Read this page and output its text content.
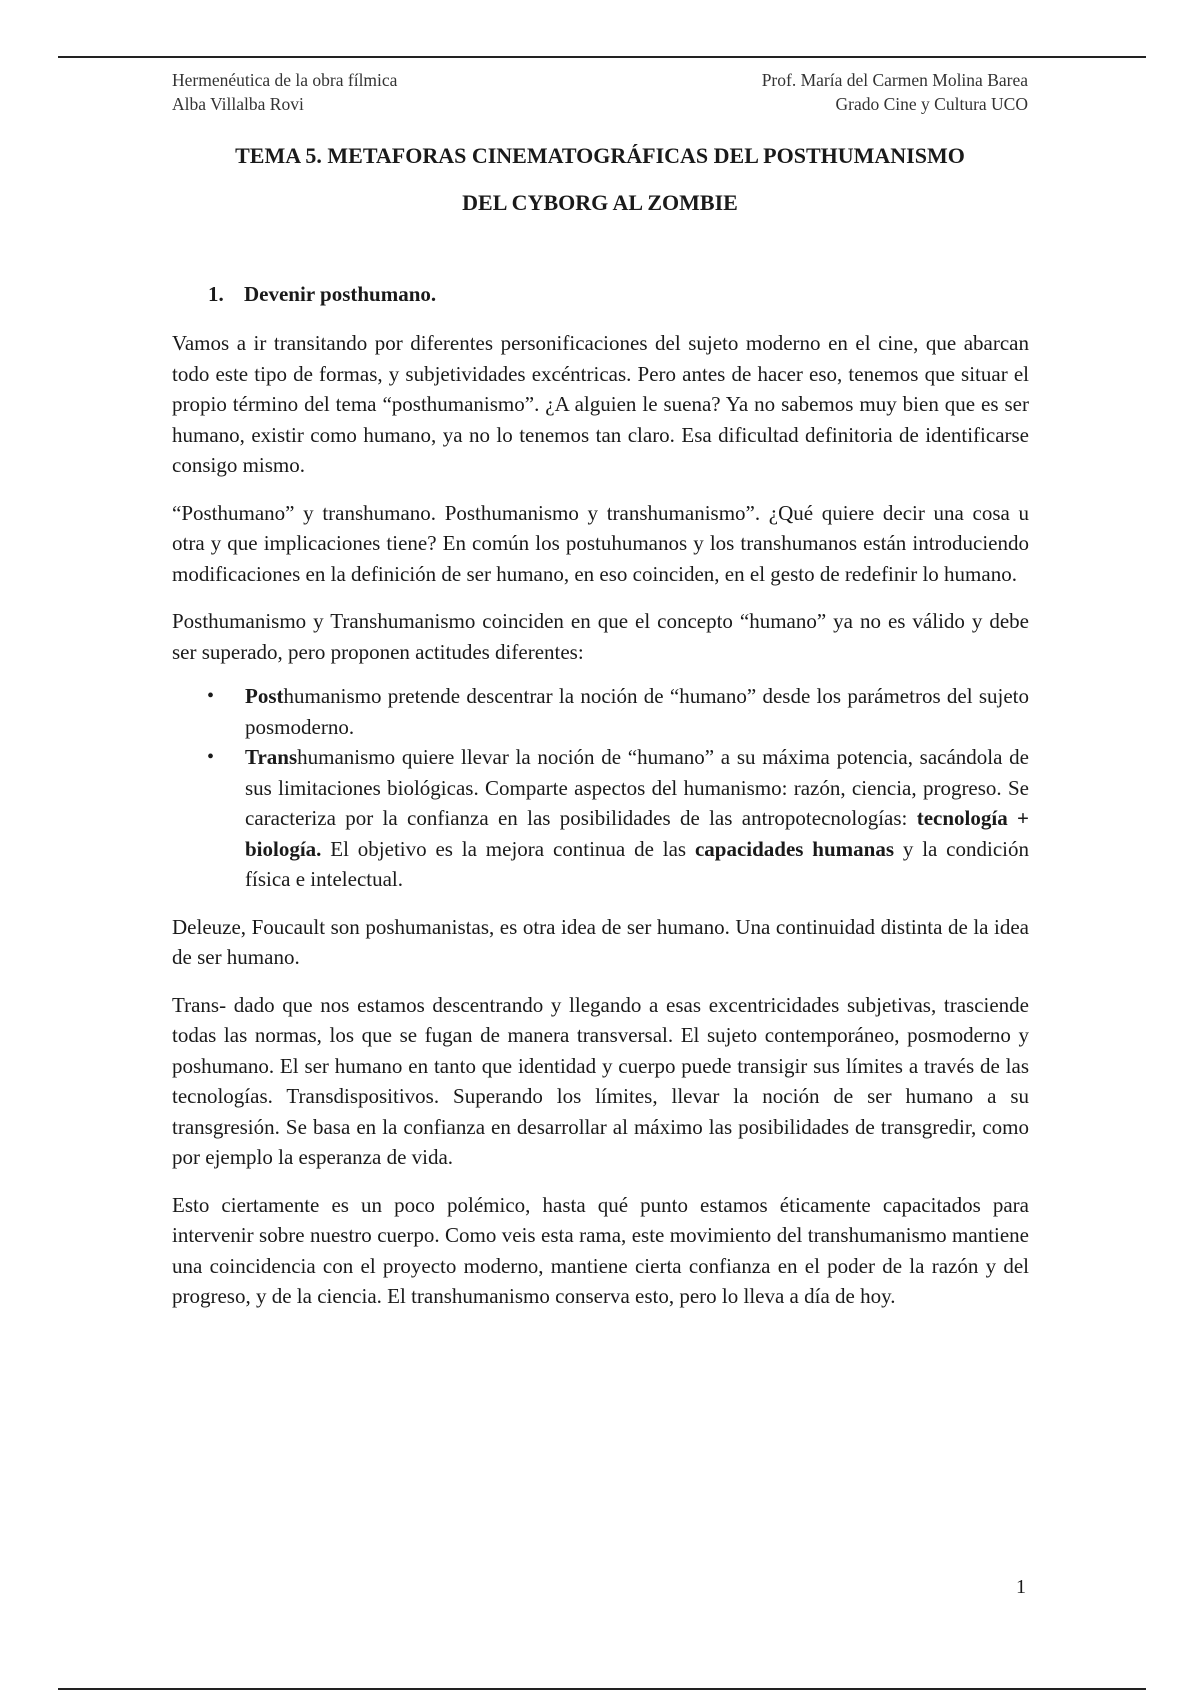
Hermenéutica de la obra fílmica	Prof. María del Carmen Molina Barea
Alba Villalba Rovi	Grado Cine y Cultura UCO
TEMA 5. METAFORAS CINEMATOGRÁFICAS DEL POSTHUMANISMO
DEL CYBORG AL ZOMBIE
1. Devenir posthumano.

Vamos a ir transitando por diferentes personificaciones del sujeto moderno en el cine, que abarcan todo este tipo de formas, y subjetividades excéntricas. Pero antes de hacer eso, tenemos que situar el propio término del tema “posthumanismo”. ¿A alguien le suena? Ya no sabemos muy bien que es ser humano, existir como humano, ya no lo tenemos tan claro. Esa dificultad definitoria de identificarse consigo mismo.

“Posthumano” y transhumano. Posthumanismo y transhumanismo”. ¿Qué quiere decir una cosa u otra y que implicaciones tiene? En común los postuhumanos y los transhumanos están introduciendo modificaciones en la definición de ser humano, en eso coinciden, en el gesto de redefinir lo humano.

Posthumanismo y Transhumanismo coinciden en que el concepto “humano” ya no es válido y debe ser superado, pero proponen actitudes diferentes:

• Posthumanismo pretende descentrar la noción de “humano” desde los parámetros del sujeto posmoderno.
• Transhumanismo quiere llevar la noción de “humano” a su máxima potencia, sacándola de sus limitaciones biológicas. Comparte aspectos del humanismo: razón, ciencia, progreso. Se caracteriza por la confianza en las posibilidades de las antropotecnologías: tecnología + biología. El objetivo es la mejora continua de las capacidades humanas y la condición física e intelectual.

Deleuze, Foucault son poshumanistas, es otra idea de ser humano. Una continuidad distinta de la idea de ser humano.

Trans- dado que nos estamos descentrando y llegando a esas excentricidades subjetivas, trasciende todas las normas, los que se fugan de manera transversal. El sujeto contemporáneo, posmoderno y poshumano. El ser humano en tanto que identidad y cuerpo puede transigir sus límites a través de las tecnologías. Transdispositivos. Superando los límites, llevar la noción de ser humano a su transgresión. Se basa en la confianza en desarrollar al máximo las posibilidades de transgredir, como por ejemplo la esperanza de vida.

Esto ciertamente es un poco polémico, hasta qué punto estamos éticamente capacitados para intervenir sobre nuestro cuerpo. Como veis esta rama, este movimiento del transhumanismo mantiene una coincidencia con el proyecto moderno, mantiene cierta confianza en el poder de la razón y del progreso, y de la ciencia. El transhumanismo conserva esto, pero lo lleva a día de hoy.

1
